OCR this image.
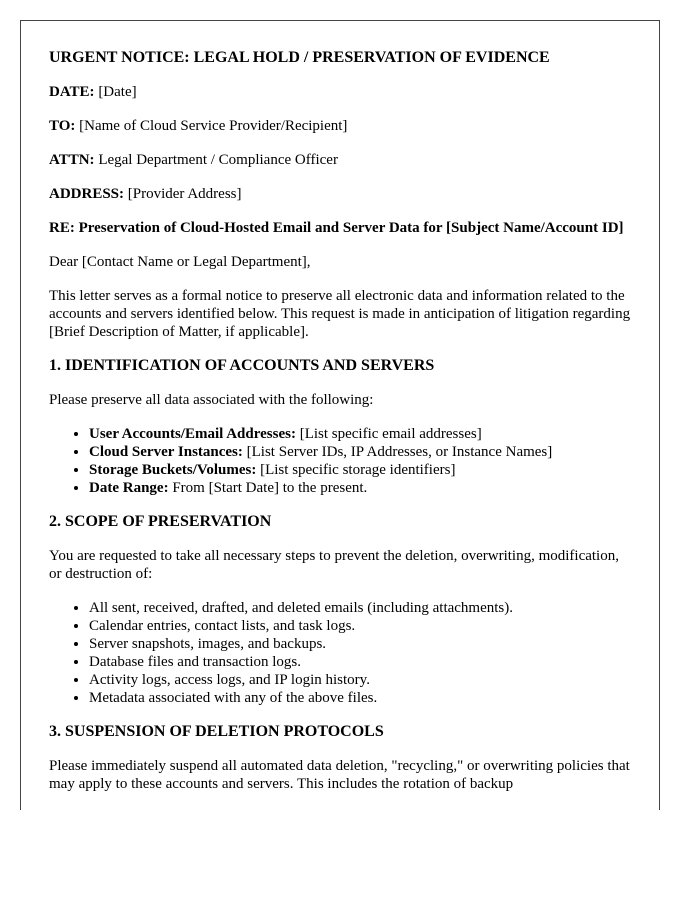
URGENT NOTICE: LEGAL HOLD / PRESERVATION OF EVIDENCE

DATE: [Date]

TO: [Name of Cloud Service Provider/Recipient]

ATTN: Legal Department / Compliance Officer

ADDRESS: [Provider Address]

RE: Preservation of Cloud-Hosted Email and Server Data for [Subject Name/Account ID]

Dear [Contact Name or Legal Department],

This letter serves as a formal notice to preserve all electronic data and information related to the accounts and servers identified below. This request is made in anticipation of litigation regarding [Brief Description of Matter, if applicable].

1. IDENTIFICATION OF ACCOUNTS AND SERVERS

Please preserve all data associated with the following:

• User Accounts/Email Addresses: [List specific email addresses]
• Cloud Server Instances: [List Server IDs, IP Addresses, or Instance Names]
• Storage Buckets/Volumes: [List specific storage identifiers]
• Date Range: From [Start Date] to the present.

2. SCOPE OF PRESERVATION

You are requested to take all necessary steps to prevent the deletion, overwriting, modification, or destruction of:

• All sent, received, drafted, and deleted emails (including attachments).
• Calendar entries, contact lists, and task logs.
• Server snapshots, images, and backups.
• Database files and transaction logs.
• Activity logs, access logs, and IP login history.
• Metadata associated with any of the above files.

3. SUSPENSION OF DELETION PROTOCOLS

Please immediately suspend all automated data deletion, "recycling," or overwriting policies that may apply to these accounts and servers. This includes the rotation of backup
